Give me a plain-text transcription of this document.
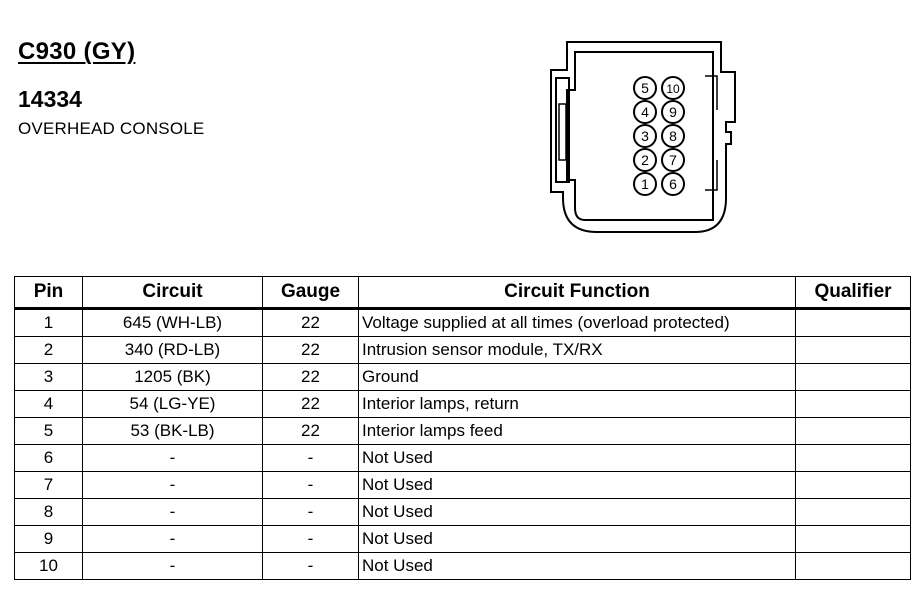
C930 (GY)
14334
OVERHEAD CONSOLE
5
4
3
2
1
10
9
8
7
6
Pin	Circuit	Gauge	Circuit Function	Qualifier
1	645 (WH-LB)	22	Voltage supplied at all times (overload protected)	
2	340 (RD-LB)	22	Intrusion sensor module, TX/RX	
3	1205 (BK)	22	Ground	
4	54 (LG-YE)	22	Interior lamps, return	
5	53 (BK-LB)	22	Interior lamps feed	
6	-	-	Not Used	
7	-	-	Not Used	
8	-	-	Not Used	
9	-	-	Not Used	
10	-	-	Not Used	
